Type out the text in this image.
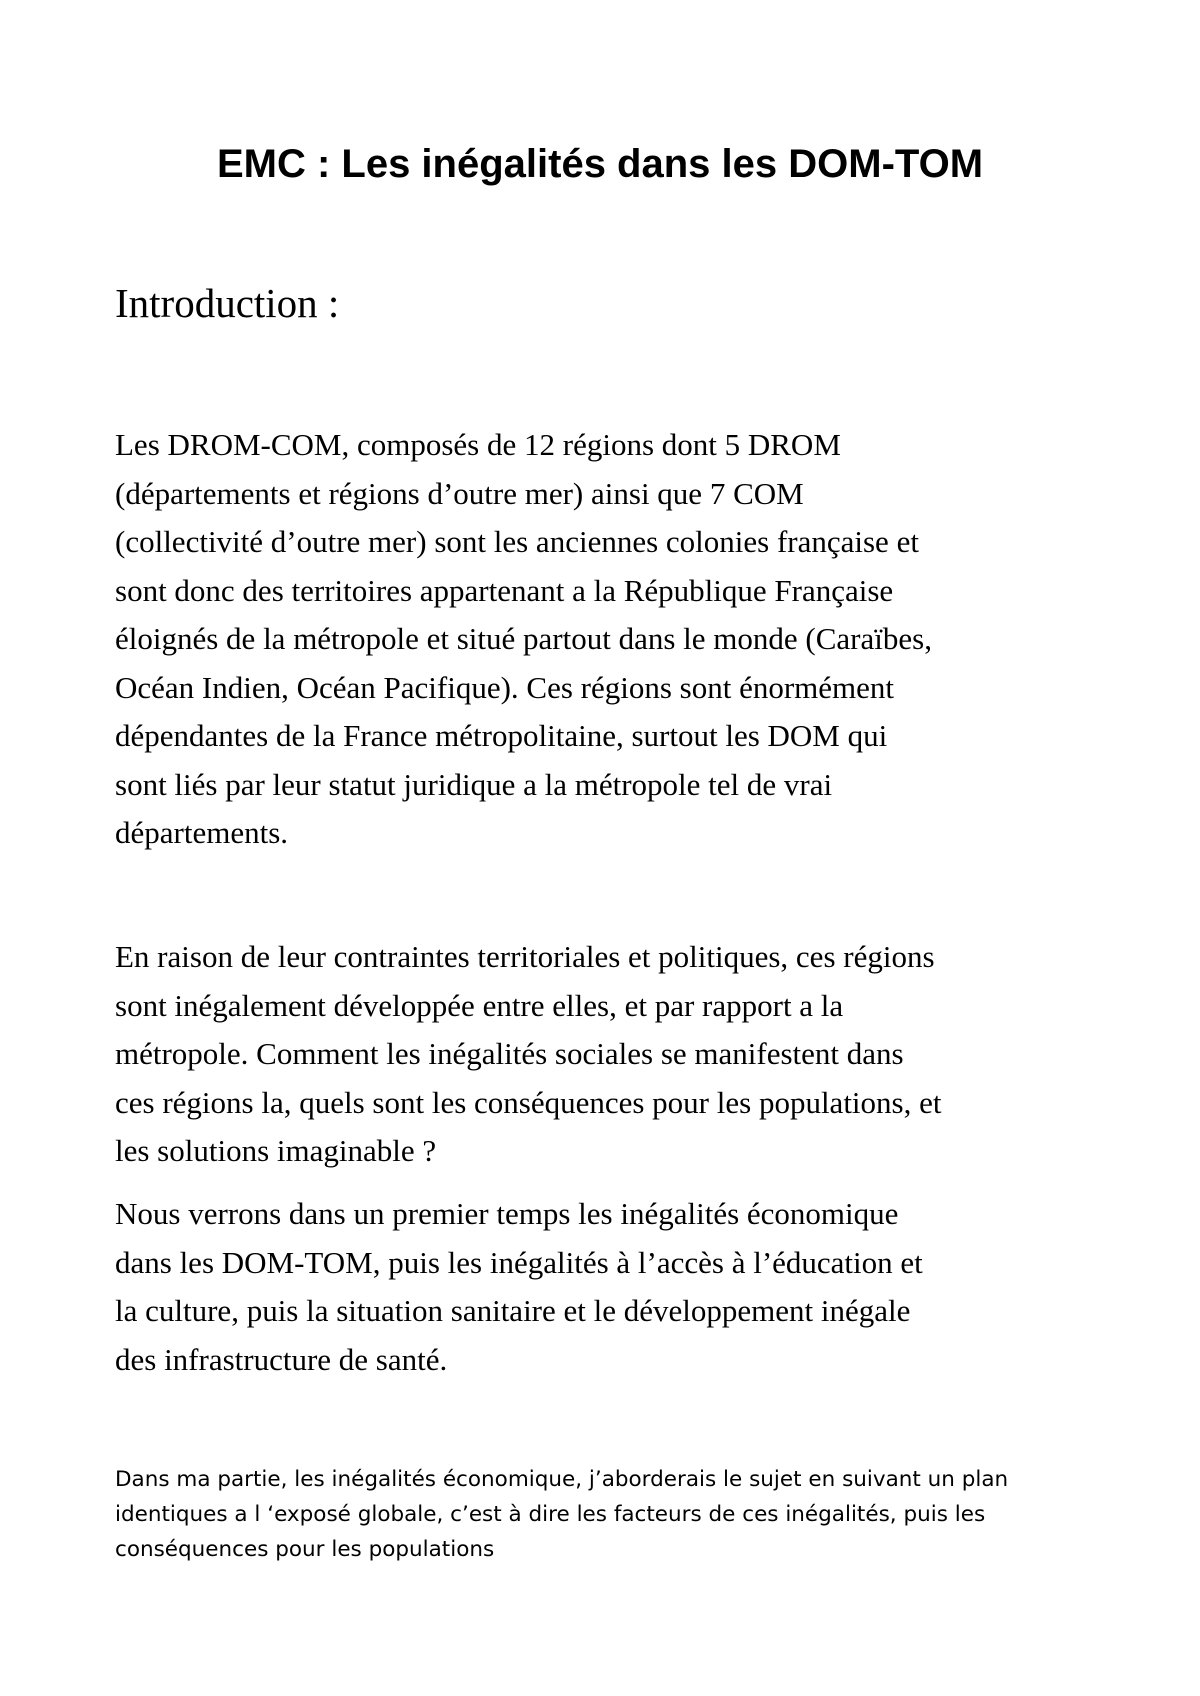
EMC : Les inégalités dans les DOM-TOM
Introduction :

Les DROM-COM, composés de 12 régions dont 5 DROM
(départements et régions d’outre mer) ainsi que 7 COM
(collectivité d’outre mer) sont les anciennes colonies française et
sont donc des territoires appartenant a la République Française
éloignés de la métropole et situé partout dans le monde (Caraïbes,
Océan Indien, Océan Pacifique). Ces régions sont énormément
dépendantes de la France métropolitaine, surtout les DOM qui
sont liés par leur statut juridique a la métropole tel de vrai
départements.

En raison de leur contraintes territoriales et politiques, ces régions
sont inégalement développée entre elles, et par rapport a la
métropole. Comment les inégalités sociales se manifestent dans
ces régions la, quels sont les conséquences pour les populations, et
les solutions imaginable ?

Nous verrons dans un premier temps les inégalités économique
dans les DOM-TOM, puis les inégalités à l’accès à l’éducation et
la culture, puis la situation sanitaire et le développement inégale
des infrastructure de santé.

Dans ma partie, les inégalités économique, j’aborderais le sujet en suivant un plan
identiques a l ‘exposé globale, c’est à dire les facteurs de ces inégalités, puis les
conséquences pour les populations
